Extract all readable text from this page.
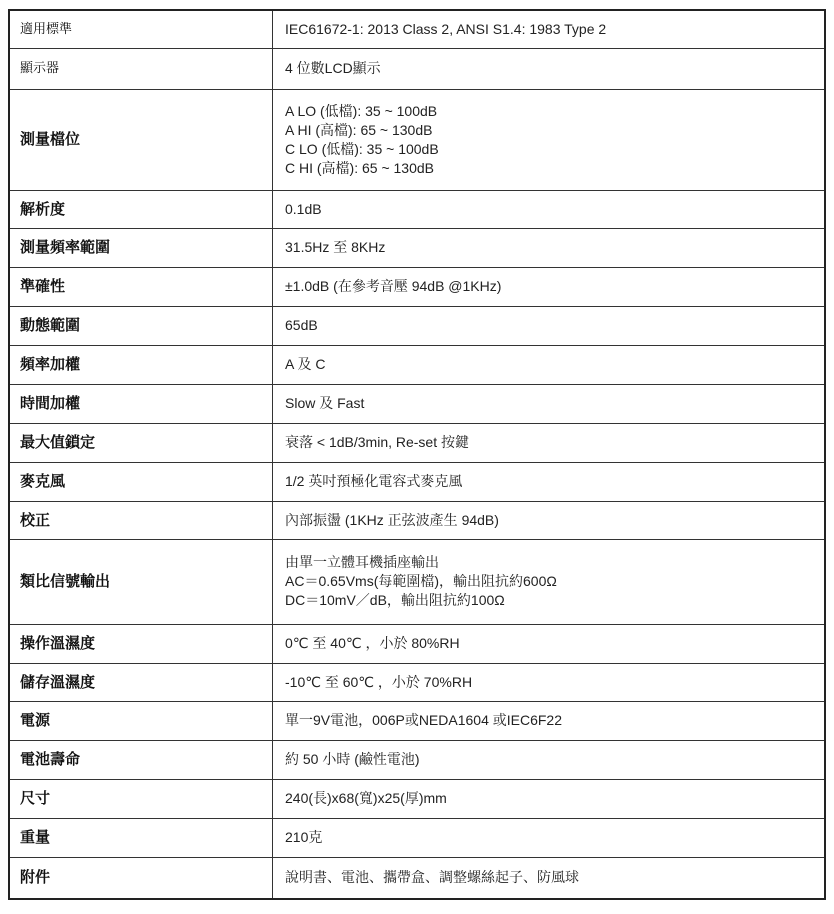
適用標準	IEC61672-1: 2013 Class 2, ANSI S1.4: 1983 Type 2

顯示器	4 位數LCD顯示

測量檔位	A LO (低檔): 35 ~ 100dB
A HI (高檔): 65 ~ 130dB
C LO (低檔): 35 ~ 100dB
C HI (高檔): 65 ~ 130dB

解析度	0.1dB

測量頻率範圍	31.5Hz 至 8KHz

準確性	±1.0dB (在參考音壓 94dB @1KHz)

動態範圍	65dB

頻率加權	A 及 C

時間加權	Slow 及 Fast

最大值鎖定	衰落 < 1dB/3min, Re-set 按鍵

麥克風	1/2 英吋預極化電容式麥克風

校正	內部振盪 (1KHz 正弦波產生 94dB)

類比信號輸出	由單一立體耳機插座輸出
AC＝0.65Vms(每範圍檔)，輸出阻抗約600Ω
DC＝10mV／dB，輸出阻抗約100Ω

操作溫濕度	0℃ 至 40℃ ，小於 80%RH

儲存溫濕度	-10℃ 至 60℃ ，小於 70%RH

電源	單一9V電池，006P或NEDA1604 或IEC6F22

電池壽命	約 50 小時 (鹼性電池)

尺寸	240(長)x68(寬)x25(厚)mm

重量	210克

附件	說明書、電池、攜帶盒、調整螺絲起子、防風球
